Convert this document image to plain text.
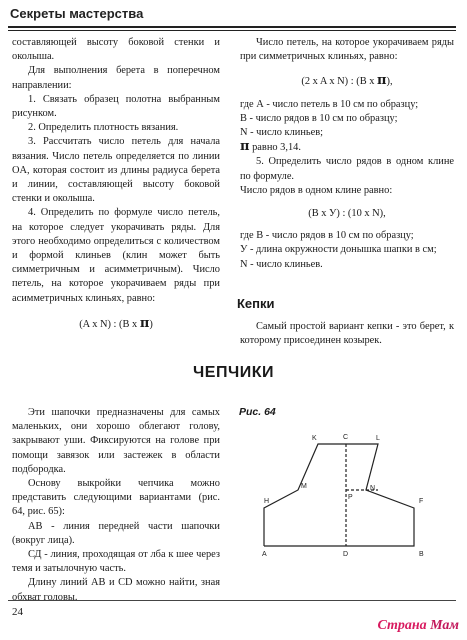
Секреты мастерства

составляющей высоту боковой стенки и околыша.

Для выполнения берета в поперечном направлении:

1. Связать образец полотна выбранным рисунком.

2. Определить плотность вязания.

3. Рассчитать число петель для начала вязания. Число петель определяется по линии OA, которая состоит из длины радиуса берета и линии, составляющей высоту боковой стенки и околыша.

4. Определить по формуле число петель, на которое следует укорачивать ряды. Для этого необходимо определиться с количеством и формой клиньев (клин может быть симметричным и асимметричным). Число петель, на которое укорачиваем ряды при асимметричных клиньях, равно:

(A x N) : (B x π)

Число петель, на которое укорачиваем ряды при симметричных клиньях, равно:

(2 x A x N) : (B x π),

где А - число петель в 10 см по образцу;

В - число рядов в 10 см по образцу;

N - число клиньев;

π равно 3,14.

5. Определить число рядов в одном клине по формуле.

Число рядов в одном клине равно:

(В x У) : (10 x N),

где В - число рядов в 10 см по образцу;

У - длина окружности донышка шапки в см;

N - число клиньев.

Кепки

Самый простой вариант кепки - это берет, к которому присоединен козырек.

ЧЕПЧИКИ

Эти шапочки предназначены для самых маленьких, они хорошо облегают голову, закрывают уши. Фиксируются на голове при помощи завязок или застежек в области подбородка.

Основу выкройки чепчика можно представить следующими вариантами (рис. 64, рис. 65):

АВ - линия передней части шапочки (вокруг лица).

СД - линия, проходящая от лба к шее через темя и затылочную часть.

Длину линий АВ и CD можно найти, зная обхват головы.

Рис. 64
K	C	L
M
P
N
H	F
A	D	B
24
Страна Мам
